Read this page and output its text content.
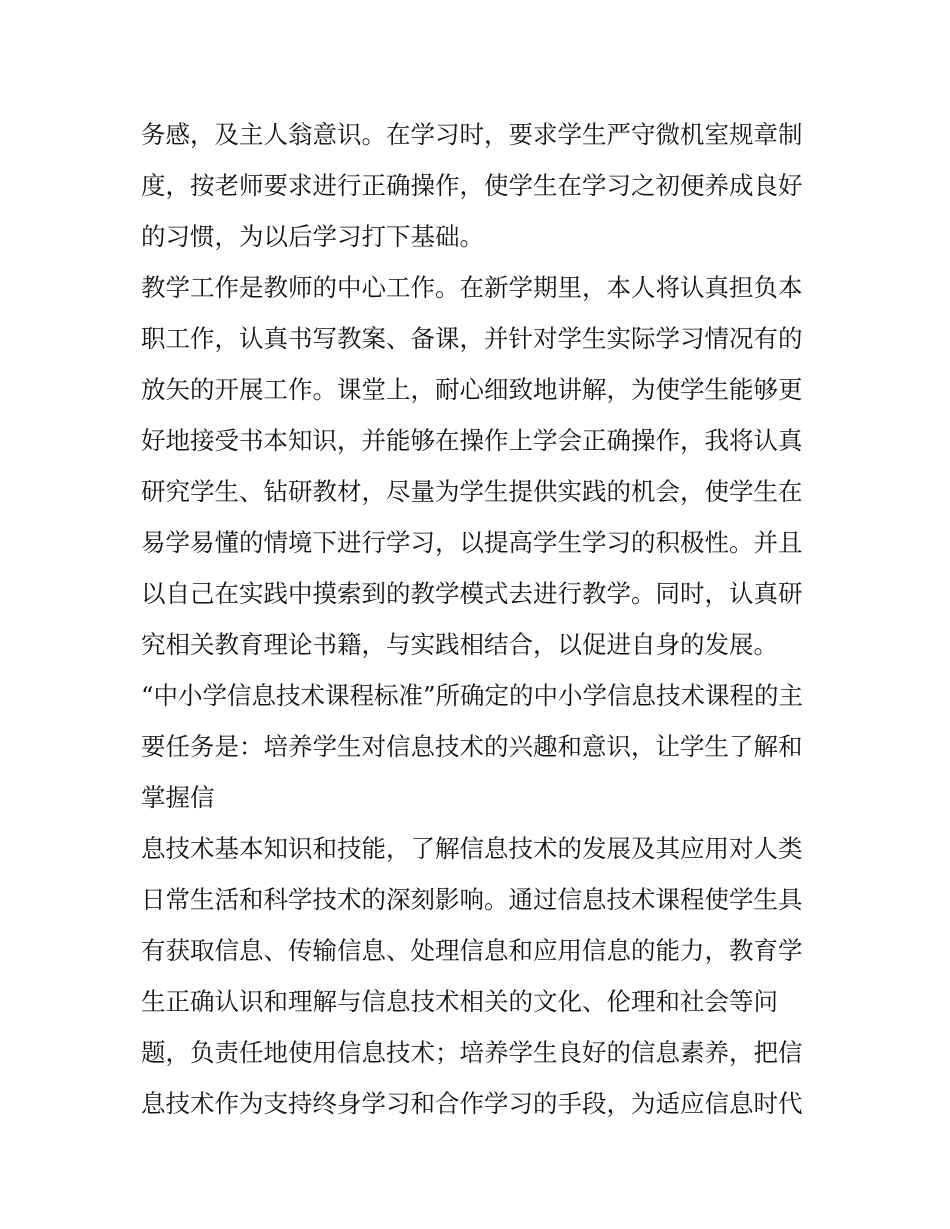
务感，及主人翁意识。在学习时，要求学生严守微机室规章制
度，按老师要求进行正确操作，使学生在学习之初便养成良好
的习惯，为以后学习打下基础。
教学工作是教师的中心工作。在新学期里，本人将认真担负本
职工作，认真书写教案、备课，并针对学生实际学习情况有的
放矢的开展工作。课堂上，耐心细致地讲解，为使学生能够更
好地接受书本知识，并能够在操作上学会正确操作，我将认真
研究学生、钻研教材，尽量为学生提供实践的机会，使学生在
易学易懂的情境下进行学习，以提高学生学习的积极性。并且
以自己在实践中摸索到的教学模式去进行教学。同时，认真研
究相关教育理论书籍，与实践相结合，以促进自身的发展。
“中小学信息技术课程标准”所确定的中小学信息技术课程的主
要任务是：培养学生对信息技术的兴趣和意识，让学生了解和
掌握信
息技术基本知识和技能，了解信息技术的发展及其应用对人类
日常生活和科学技术的深刻影响。通过信息技术课程使学生具
有获取信息、传输信息、处理信息和应用信息的能力，教育学
生正确认识和理解与信息技术相关的文化、伦理和社会等问
题，负责任地使用信息技术；培养学生良好的信息素养，把信
息技术作为支持终身学习和合作学习的手段，为适应信息时代
